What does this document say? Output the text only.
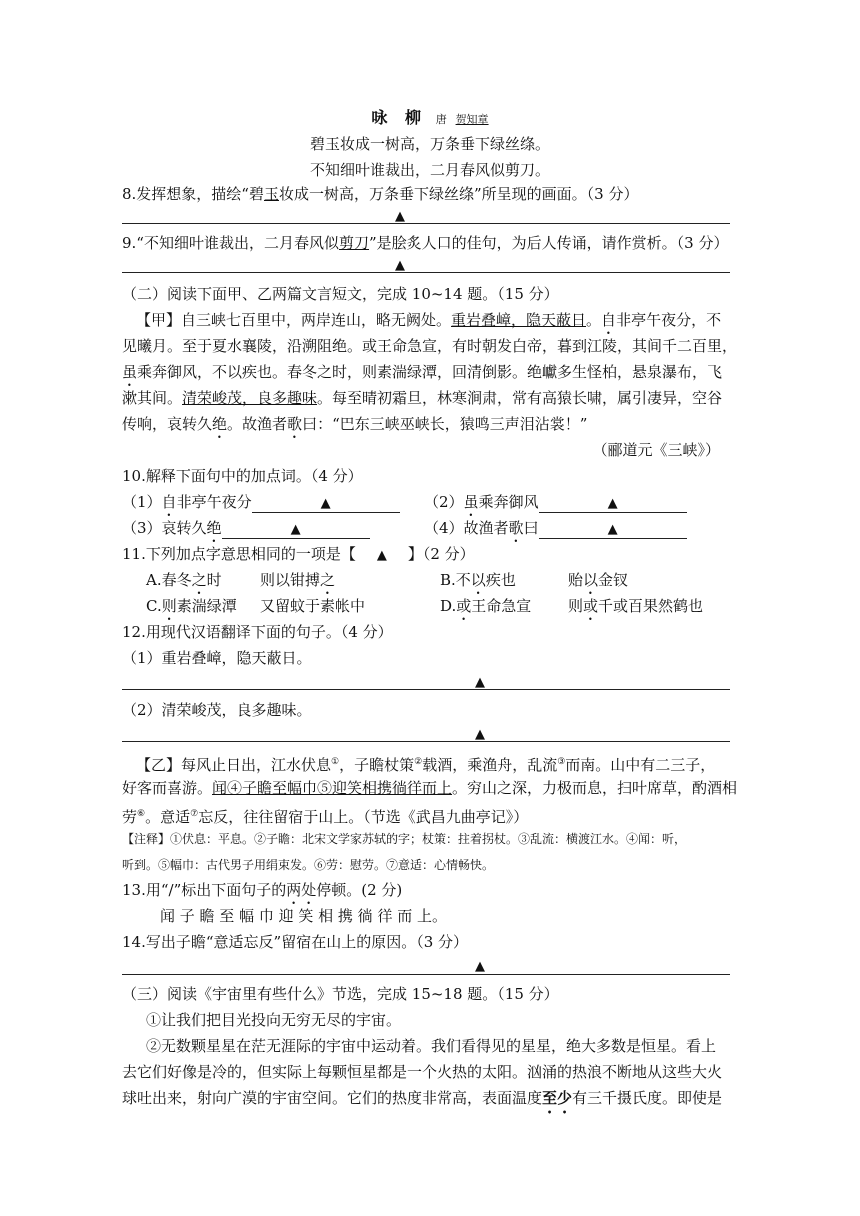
咏 柳 唐 贺知章
碧玉妆成一树高，万条垂下绿丝绦。
不知细叶谁裁出，二月春风似剪刀。
8.发挥想象，描绘“碧玉妆成一树高，万条垂下绿丝绦”所呈现的画面。（3 分）
▲
9.“不知细叶谁裁出，二月春风似剪刀”是脍炙人口的佳句，为后人传诵，请作赏析。（3 分）
▲
（二）阅读下面甲、乙两篇文言短文，完成 10~14 题。（15 分）
【甲】自三峡七百里中，两岸连山，略无阙处。重岩叠嶂，隐天蔽日。自非亭午夜分，不
见曦月。至于夏水襄陵，沿溯阻绝。或王命急宣，有时朝发白帝，暮到江陵，其间千二百里，
虽乘奔御风，不以疾也。春冬之时，则素湍绿潭，回清倒影。绝巘多生怪柏，悬泉瀑布，飞
漱其间。清荣峻茂，良多趣味。每至晴初霜旦，林寒涧肃，常有高猿长啸，属引凄异，空谷
传响，哀转久绝。故渔者歌曰：“巴东三峡巫峡长，猿鸣三声泪沾裳！”
（郦道元《三峡》）
10.解释下面句中的加点词。（4 分）
（1）自非亭午夜分	▲	（2）虽乘奔御风	▲
（3）哀转久绝	▲	（4）故渔者歌曰	▲
11.下列加点字意思相同的一项是【 ▲ 】（2 分）
A.春冬之时	则以钳搏之	B.不以疾也	贻以金钗
C.则素湍绿潭 又留蚊于素帐中	D.或王命急宣 则或千或百果然鹤也
12.用现代汉语翻译下面的句子。（4 分）
（1）重岩叠嶂，隐天蔽日。
▲
（2）清荣峻茂，良多趣味。
▲
【乙】每风止日出，江水伏息①，子瞻杖策②载酒，乘渔舟，乱流③而南。山中有二三子，
好客而喜游。闻④子瞻至幅巾⑤迎笑相携徜徉而上。穷山之深，力极而息，扫叶席草，酌酒相
劳⑥。意适⑦忘反，往往留宿于山上。（节选《武昌九曲亭记》）
【注释】①伏息：平息。②子瞻：北宋文学家苏轼的字；杖策：拄着拐杖。③乱流：横渡江水。④闻：听，
听到。⑤幅巾：古代男子用绢束发。⑥劳：慰劳。⑦意适：心情畅快。
13.用“/”标出下面句子的两处停顿。(2 分)
闻 子 瞻 至 幅 巾 迎 笑 相 携 徜 徉 而 上。
14.写出子瞻“意适忘反”留宿在山上的原因。（3 分）
▲
（三）阅读《宇宙里有些什么》节选，完成 15~18 题。（15 分）
①让我们把目光投向无穷无尽的宇宙。
②无数颗星星在茫无涯际的宇宙中运动着。我们看得见的星星，绝大多数是恒星。看上
去它们好像是冷的，但实际上每颗恒星都是一个火热的太阳。汹涌的热浪不断地从这些大火
球吐出来，射向广漠的宇宙空间。它们的热度非常高，表面温度至少有三千摄氏度。即使是
